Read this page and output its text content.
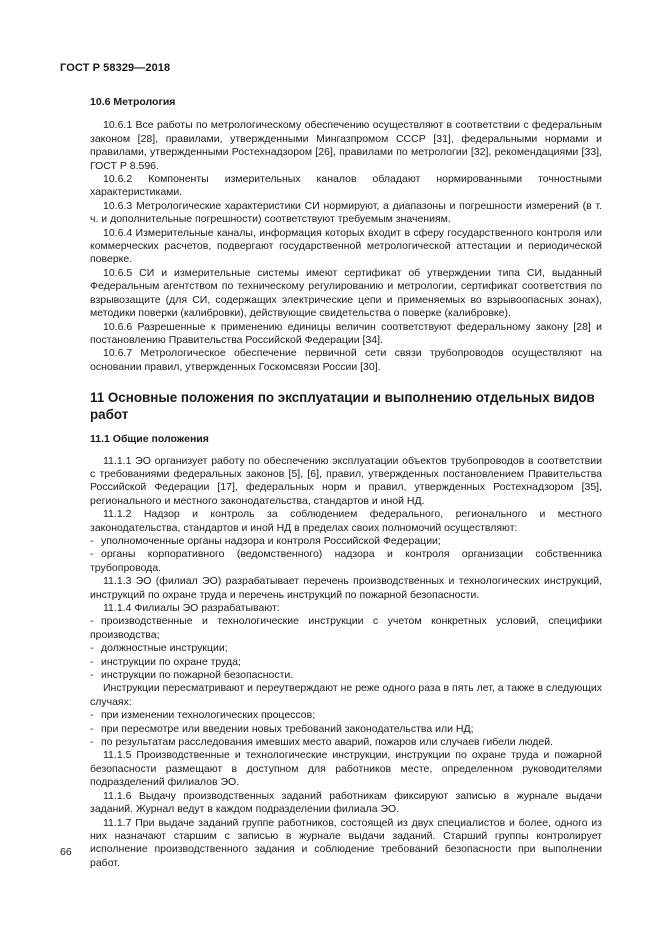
ГОСТ Р 58329—2018
10.6 Метрология

10.6.1 Все работы по метрологическому обеспечению осуществляют в соответствии с федеральным законом [28], правилами, утвержденными Мингазпромом СССР [31], федеральными нормами и правилами, утвержденными Ростехнадзором [26], правилами по метрологии [32], рекомендациями [33], ГОСТ Р 8.596.

10.6.2 Компоненты измерительных каналов обладают нормированными точностными характеристиками.

10.6.3 Метрологические характеристики СИ нормируют, а диапазоны и погрешности измерений (в т. ч. и дополнительные погрешности) соответствуют требуемым значениям.

10.6.4 Измерительные каналы, информация которых входит в сферу государственного контроля или коммерческих расчетов, подвергают государственной метрологической аттестации и периодической поверке.

10.6.5 СИ и измерительные системы имеют сертификат об утверждении типа СИ, выданный Федеральным агентством по техническому регулированию и метрологии, сертификат соответствия по взрывозащите (для СИ, содержащих электрические цепи и применяемых во взрывоопасных зонах), методики поверки (калибровки), действующие свидетельства о поверке (калибровке).

10.6.6 Разрешенные к применению единицы величин соответствуют федеральному закону [28] и постановлению Правительства Российской Федерации [34].

10.6.7 Метрологическое обеспечение первичной сети связи трубопроводов осуществляют на основании правил, утвержденных Госкомсвязи России [30].

11 Основные положения по эксплуатации и выполнению отдельных видов работ
11.1 Общие положения

11.1.1 ЭО организует работу по обеспечению эксплуатации объектов трубопроводов в соответствии с требованиями федеральных законов [5], [6], правил, утвержденных постановлением Правительства Российской Федерации [17], федеральных норм и правил, утвержденных Ростехнадзором [35], регионального и местного законодательства, стандартов и иной НД.

11.1.2 Надзор и контроль за соблюдением федерального, регионального и местного законодательства, стандартов и иной НД в пределах своих полномочий осуществляют:

- уполномоченные органы надзора и контроля Российской Федерации;

- органы корпоративного (ведомственного) надзора и контроля организации собственника трубопровода.

11.1.3 ЭО (филиал ЭО) разрабатывает перечень производственных и технологических инструкций, инструкций по охране труда и перечень инструкций по пожарной безопасности.

11.1.4 Филиалы ЭО разрабатывают:

- производственные и технологические инструкции с учетом конкретных условий, специфики производства;

- должностные инструкции;

- инструкции по охране труда;

- инструкции по пожарной безопасности.

Инструкции пересматривают и переутверждают не реже одного раза в пять лет, а также в следующих случаях:

- при изменении технологических процессов;

- при пересмотре или введении новых требований законодательства или НД;

- по результатам расследования имевших место аварий, пожаров или случаев гибели людей.

11.1.5 Производственные и технологические инструкции, инструкции по охране труда и пожарной безопасности размещают в доступном для работников месте, определенном руководителями подразделений филиалов ЭО.

11.1.6 Выдачу производственных заданий работникам фиксируют записью в журнале выдачи заданий. Журнал ведут в каждом подразделении филиала ЭО.

11.1.7 При выдаче заданий группе работников, состоящей из двух специалистов и более, одного из них назначают старшим с записью в журнале выдачи заданий. Старший группы контролирует исполнение производственного задания и соблюдение требований безопасности при выполнении работ.

66
